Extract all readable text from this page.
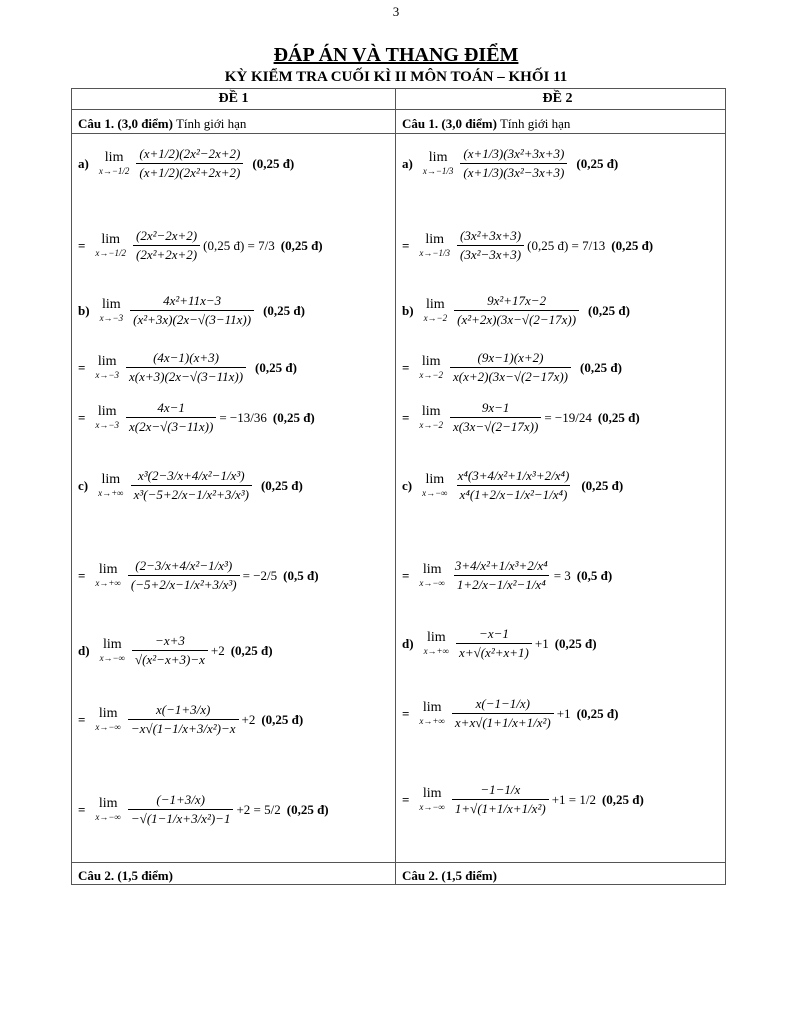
3
ĐÁP ÁN VÀ THANG ĐIỂM
KỲ KIỂM TRA CUỐI KÌ II MÔN TOÁN – KHỐI 11
ĐỀ 1
Câu 1. (3,0 điểm) Tính giới hạn
a) lim
$x\to-1/2 \frac{\text{(x+1/2)(2x²−2x+2)}}{\text{(x+1/2)(2x²+2x+2)}} (0,25$ đ)
= lim
$x\to-1/2 \frac{\text{(2x²−2x+2)}}{\text{(2x²+2x+2)}} (0,25$ đ) = 7/3 (0,25 đ)
b) lim
$x\to-3 \frac{\text{4x²+11x−3}}{\text{(x²+3x)(2x−√(3−11x))}} (0,25$ đ)
= lim
$x\to-3 \frac{(4x-1)(x+3)}{x(x+3)(2x-√(3-11x))} (0,25$ đ)
= lim
$x\to-3 \frac{4x-1}{x(2x-√(3-11x))} = -13/36$ (0,25 đ)
c) lim
$x\to+\infty \frac{\text{x³(2−3/x+4/x²−1/x³)}}{\text{x³(−5+2/x−1/x²+3/x³)}} (0,25$ đ)
= lim
$x\to+\infty \frac{\text{(2−3/x+4/x²−1/x³)}}{\text{(−5+2/x−1/x²+3/x³)}} = -2/5$ (0,5 đ)
d) lim
$x\to-\infty \frac{-x+3}{\text{√(x²−x+3)−x}} +2$ (0,25 đ)
= lim
$x\to-\infty \frac{x(-1+3/x)}{\text{−x√(1−1/x+3/x²)−x}} +2$ (0,25 đ)
= lim
$x\to-\infty \frac{(-1+3/x)}{\text{−√(1−1/x+3/x²)−1}} +2 = 5/2$ (0,25 đ)
Câu 2. (1,5 điểm)
ĐỀ 2
Câu 1. (3,0 điểm) Tính giới hạn
a) lim
$x\to-1/3 \frac{\text{(x+1/3)(3x²+3x+3)}}{\text{(x+1/3)(3x²−3x+3)}} (0,25$ đ)
= lim
$x\to-1/3 \frac{\text{(3x²+3x+3)}}{\text{(3x²−3x+3)}} (0,25$ đ) = 7/13 (0,25 đ)
b) lim
$x\to-2 \frac{\text{9x²+17x−2}}{\text{(x²+2x)(3x−√(2−17x))}} (0,25$ đ)
= lim
$x\to-2 \frac{(9x-1)(x+2)}{x(x+2)(3x-√(2-17x))} (0,25$ đ)
= lim
$x\to-2 \frac{9x-1}{x(3x-√(2-17x))} = -19/24$ (0,25 đ)
c) lim
$x\to-\infty \frac{\text{x⁴(3+4/x²+1/x³+2/x⁴)}}{\text{x⁴(1+2/x−1/x²−1/x⁴)}} (0,25$ đ)
= lim
$x\to-\infty \frac{\text{3+4/x²+1/x³+2/x⁴}}{\text{1+2/x−1/x²−1/x⁴}} = 3$ (0,5 đ)
d) lim
$x\to+\infty \frac{-x-1}{\text{x+√(x²+x+1)}} +1$ (0,25 đ)
= lim
$x\to+\infty \frac{x(-1-1/x)}{\text{x+x√(1+1/x+1/x²)}} +1$ (0,25 đ)
= lim
$x\to-\infty \frac{-1-1/x}{\text{1+√(1+1/x+1/x²)}} +1 = 1/2$ (0,25 đ)
Câu 2. (1,5 điểm)
